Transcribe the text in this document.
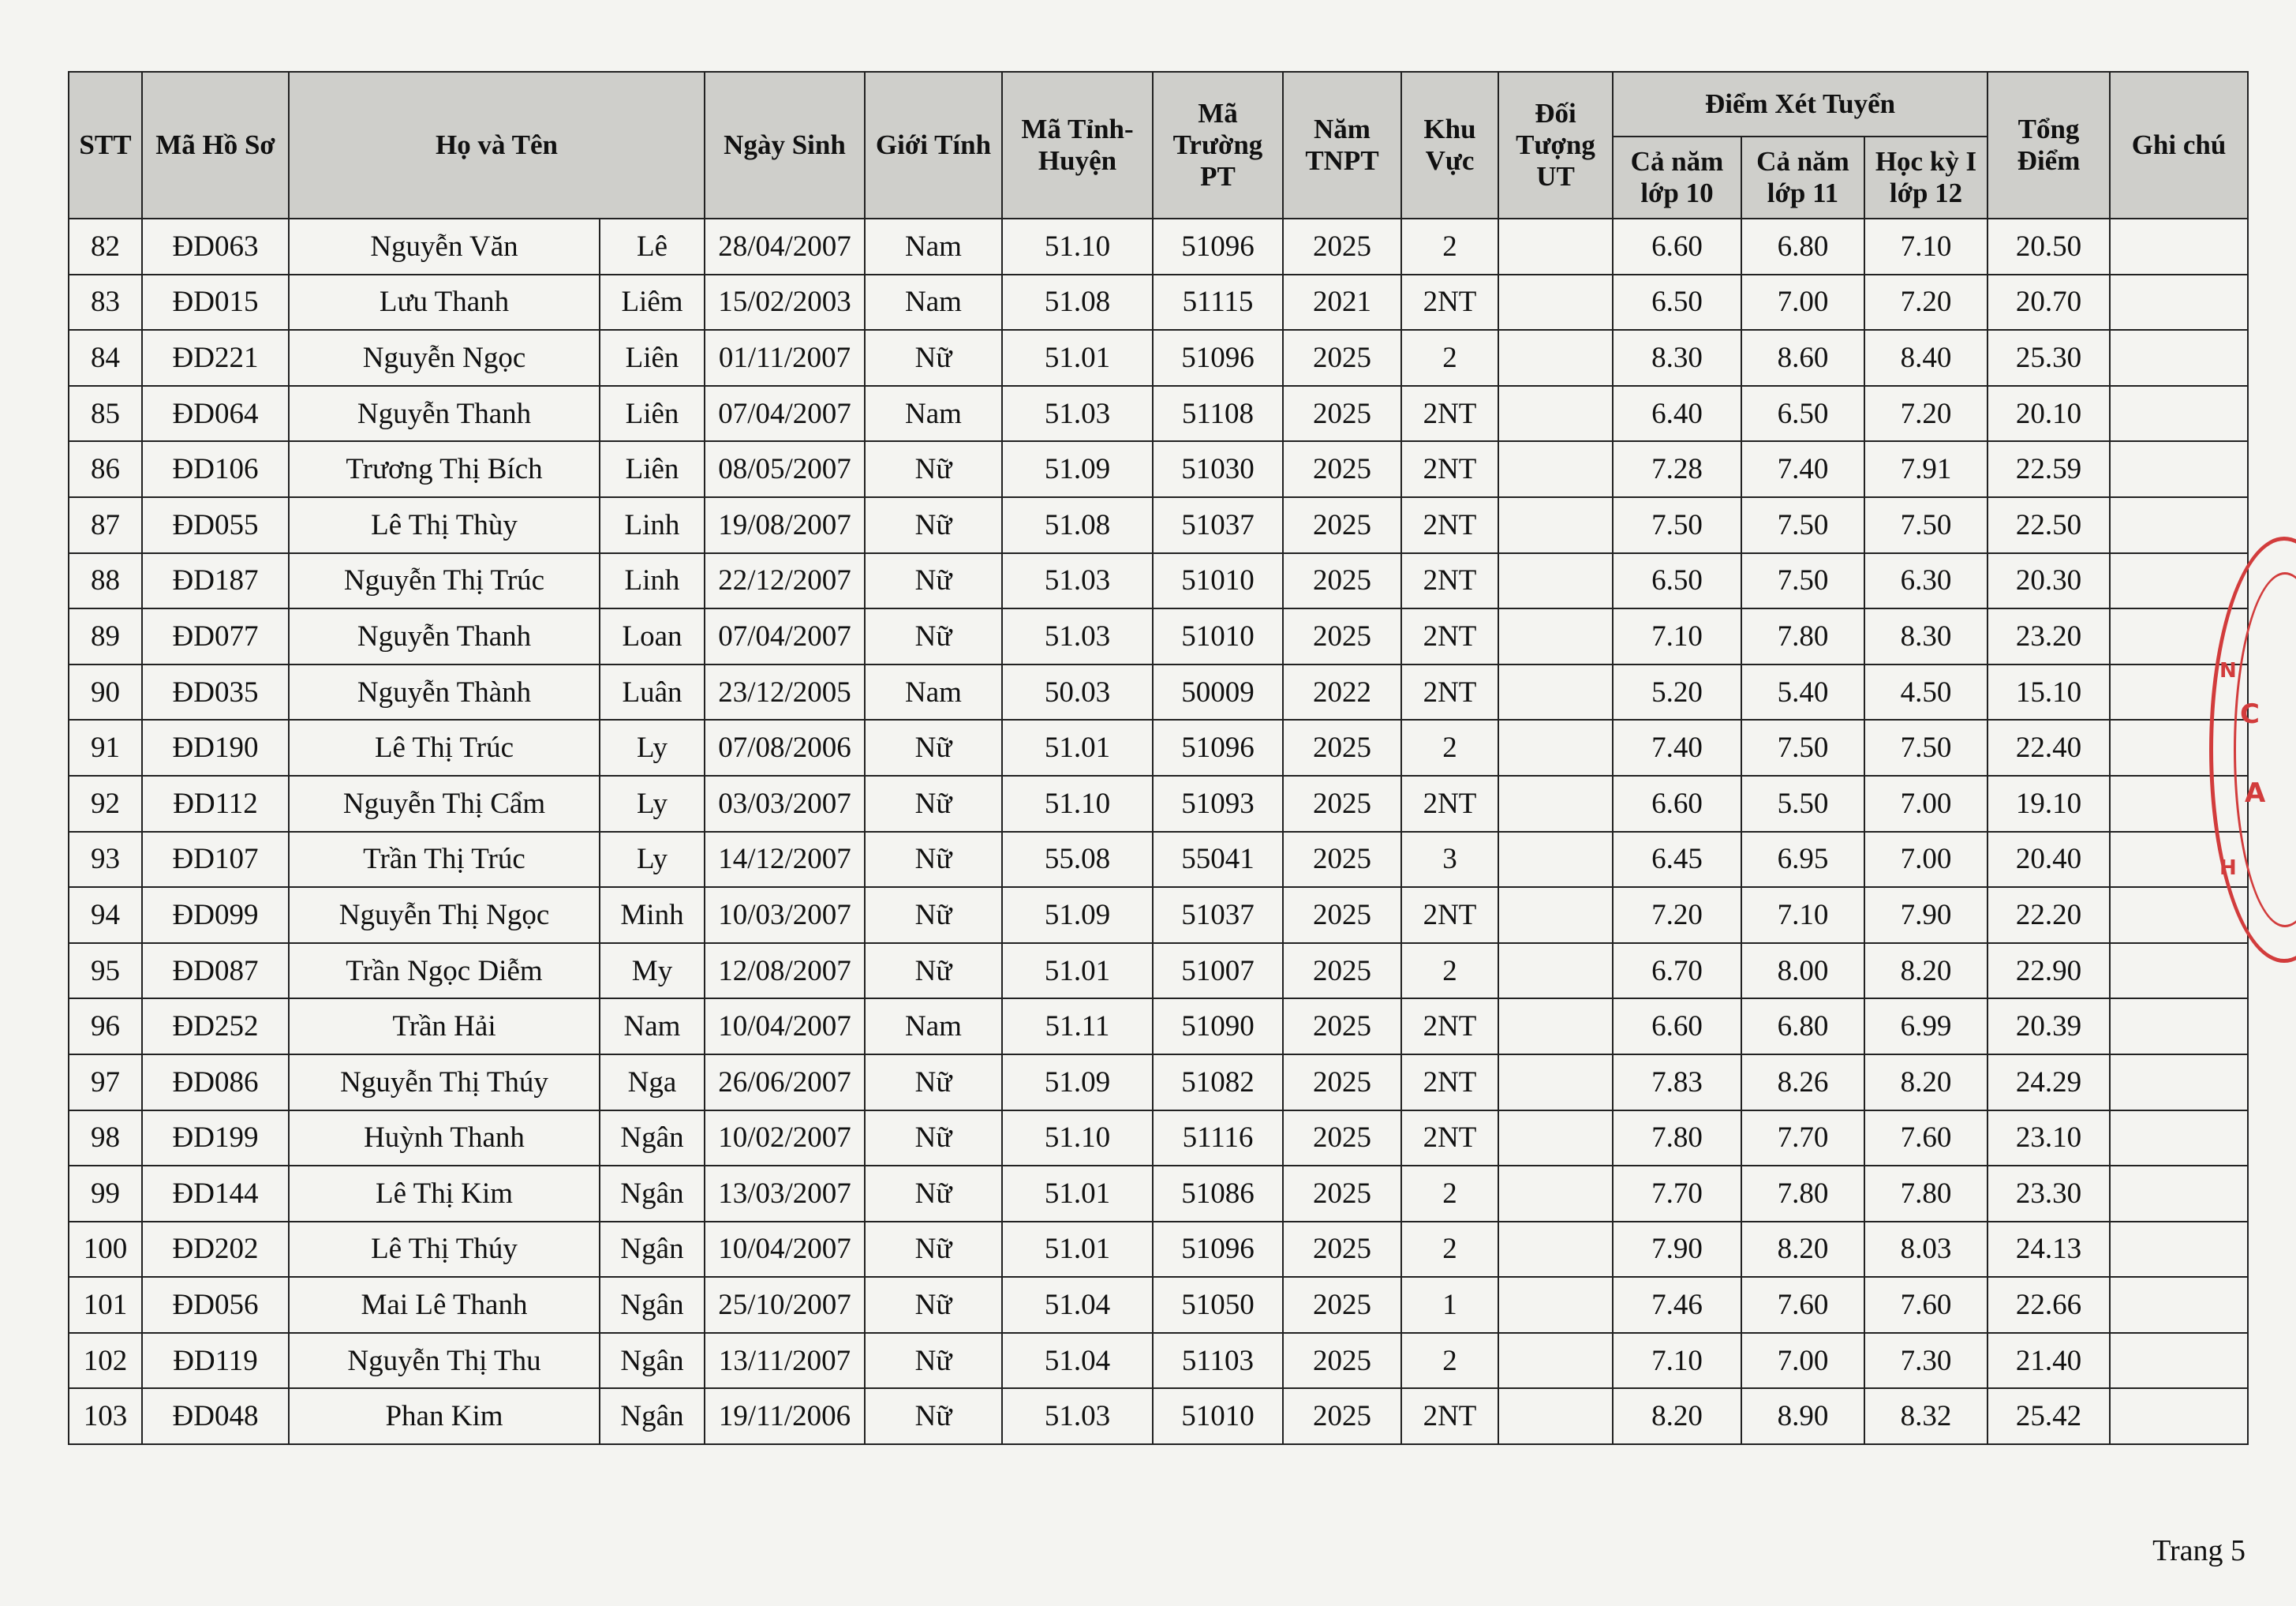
STT	Mã Hồ Sơ	Họ và Tên		Ngày Sinh	Giới Tính	Mã Tỉnh-Huyện	Mã Trường PT	Năm TNPT	Khu Vực	Đối Tượng UT	Điểm Xét Tuyển			Tổng Điểm	Ghi chú
											Cả năm lớp 10	Cả năm lớp 11	Học kỳ I lớp 12		
82	ĐD063	Nguyễn Văn	Lê	28/04/2007	Nam	51.10	51096	2025	2		6.60	6.80	7.10	20.50	
83	ĐD015	Lưu Thanh	Liêm	15/02/2003	Nam	51.08	51115	2021	2NT		6.50	7.00	7.20	20.70	
84	ĐD221	Nguyễn Ngọc	Liên	01/11/2007	Nữ	51.01	51096	2025	2		8.30	8.60	8.40	25.30	
85	ĐD064	Nguyễn Thanh	Liên	07/04/2007	Nam	51.03	51108	2025	2NT		6.40	6.50	7.20	20.10	
86	ĐD106	Trương Thị Bích	Liên	08/05/2007	Nữ	51.09	51030	2025	2NT		7.28	7.40	7.91	22.59	
87	ĐD055	Lê Thị Thùy	Linh	19/08/2007	Nữ	51.08	51037	2025	2NT		7.50	7.50	7.50	22.50	
88	ĐD187	Nguyễn Thị Trúc	Linh	22/12/2007	Nữ	51.03	51010	2025	2NT		6.50	7.50	6.30	20.30	
89	ĐD077	Nguyễn Thanh	Loan	07/04/2007	Nữ	51.03	51010	2025	2NT		7.10	7.80	8.30	23.20	
90	ĐD035	Nguyễn Thành	Luân	23/12/2005	Nam	50.03	50009	2022	2NT		5.20	5.40	4.50	15.10	
91	ĐD190	Lê Thị Trúc	Ly	07/08/2006	Nữ	51.01	51096	2025	2		7.40	7.50	7.50	22.40	
92	ĐD112	Nguyễn Thị Cẩm	Ly	03/03/2007	Nữ	51.10	51093	2025	2NT		6.60	5.50	7.00	19.10	
93	ĐD107	Trần Thị Trúc	Ly	14/12/2007	Nữ	55.08	55041	2025	3		6.45	6.95	7.00	20.40	
94	ĐD099	Nguyễn Thị Ngọc	Minh	10/03/2007	Nữ	51.09	51037	2025	2NT		7.20	7.10	7.90	22.20	
95	ĐD087	Trần Ngọc Diễm	My	12/08/2007	Nữ	51.01	51007	2025	2		6.70	8.00	8.20	22.90	
96	ĐD252	Trần Hải	Nam	10/04/2007	Nam	51.11	51090	2025	2NT		6.60	6.80	6.99	20.39	
97	ĐD086	Nguyễn Thị Thúy	Nga	26/06/2007	Nữ	51.09	51082	2025	2NT		7.83	8.26	8.20	24.29	
98	ĐD199	Huỳnh Thanh	Ngân	10/02/2007	Nữ	51.10	51116	2025	2NT		7.80	7.70	7.60	23.10	
99	ĐD144	Lê Thị Kim	Ngân	13/03/2007	Nữ	51.01	51086	2025	2		7.70	7.80	7.80	23.30	
100	ĐD202	Lê Thị Thúy	Ngân	10/04/2007	Nữ	51.01	51096	2025	2		7.90	8.20	8.03	24.13	
101	ĐD056	Mai Lê Thanh	Ngân	25/10/2007	Nữ	51.04	51050	2025	1		7.46	7.60	7.60	22.66	
102	ĐD119	Nguyễn Thị Thu	Ngân	13/11/2007	Nữ	51.04	51103	2025	2		7.10	7.00	7.30	21.40	
103	ĐD048	Phan Kim	Ngân	19/11/2006	Nữ	51.03	51010	2025	2NT		8.20	8.90	8.32	25.42	
Trang 5
C
A
N
H
